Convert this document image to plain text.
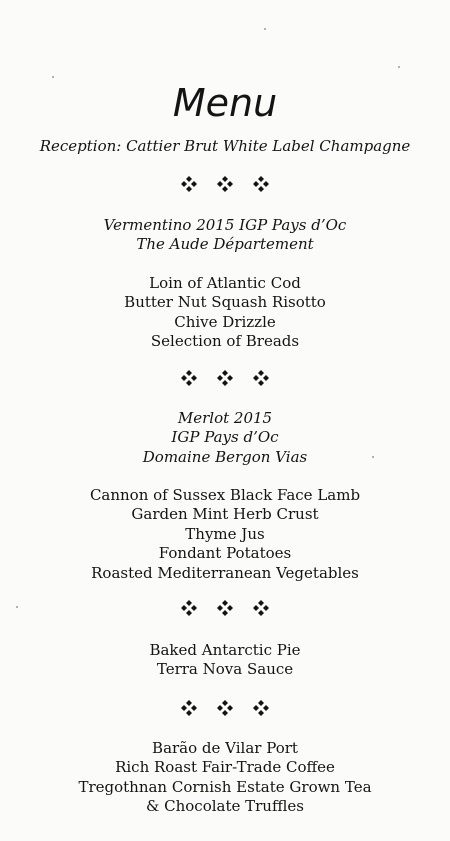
Menu
Reception: Cattier Brut White Label Champagne
Vermentino 2015 IGP Pays d’Oc
The Aude Département
Loin of Atlantic Cod
Butter Nut Squash Risotto
Chive Drizzle
Selection of Breads
Merlot 2015
IGP Pays d’Oc
Domaine Bergon Vias
Cannon of Sussex Black Face Lamb
Garden Mint Herb Crust
Thyme Jus
Fondant Potatoes
Roasted Mediterranean Vegetables
Baked Antarctic Pie
Terra Nova Sauce
Barão de Vilar Port
Rich Roast Fair-Trade Coffee
Tregothnan Cornish Estate Grown Tea
& Chocolate Truffles
